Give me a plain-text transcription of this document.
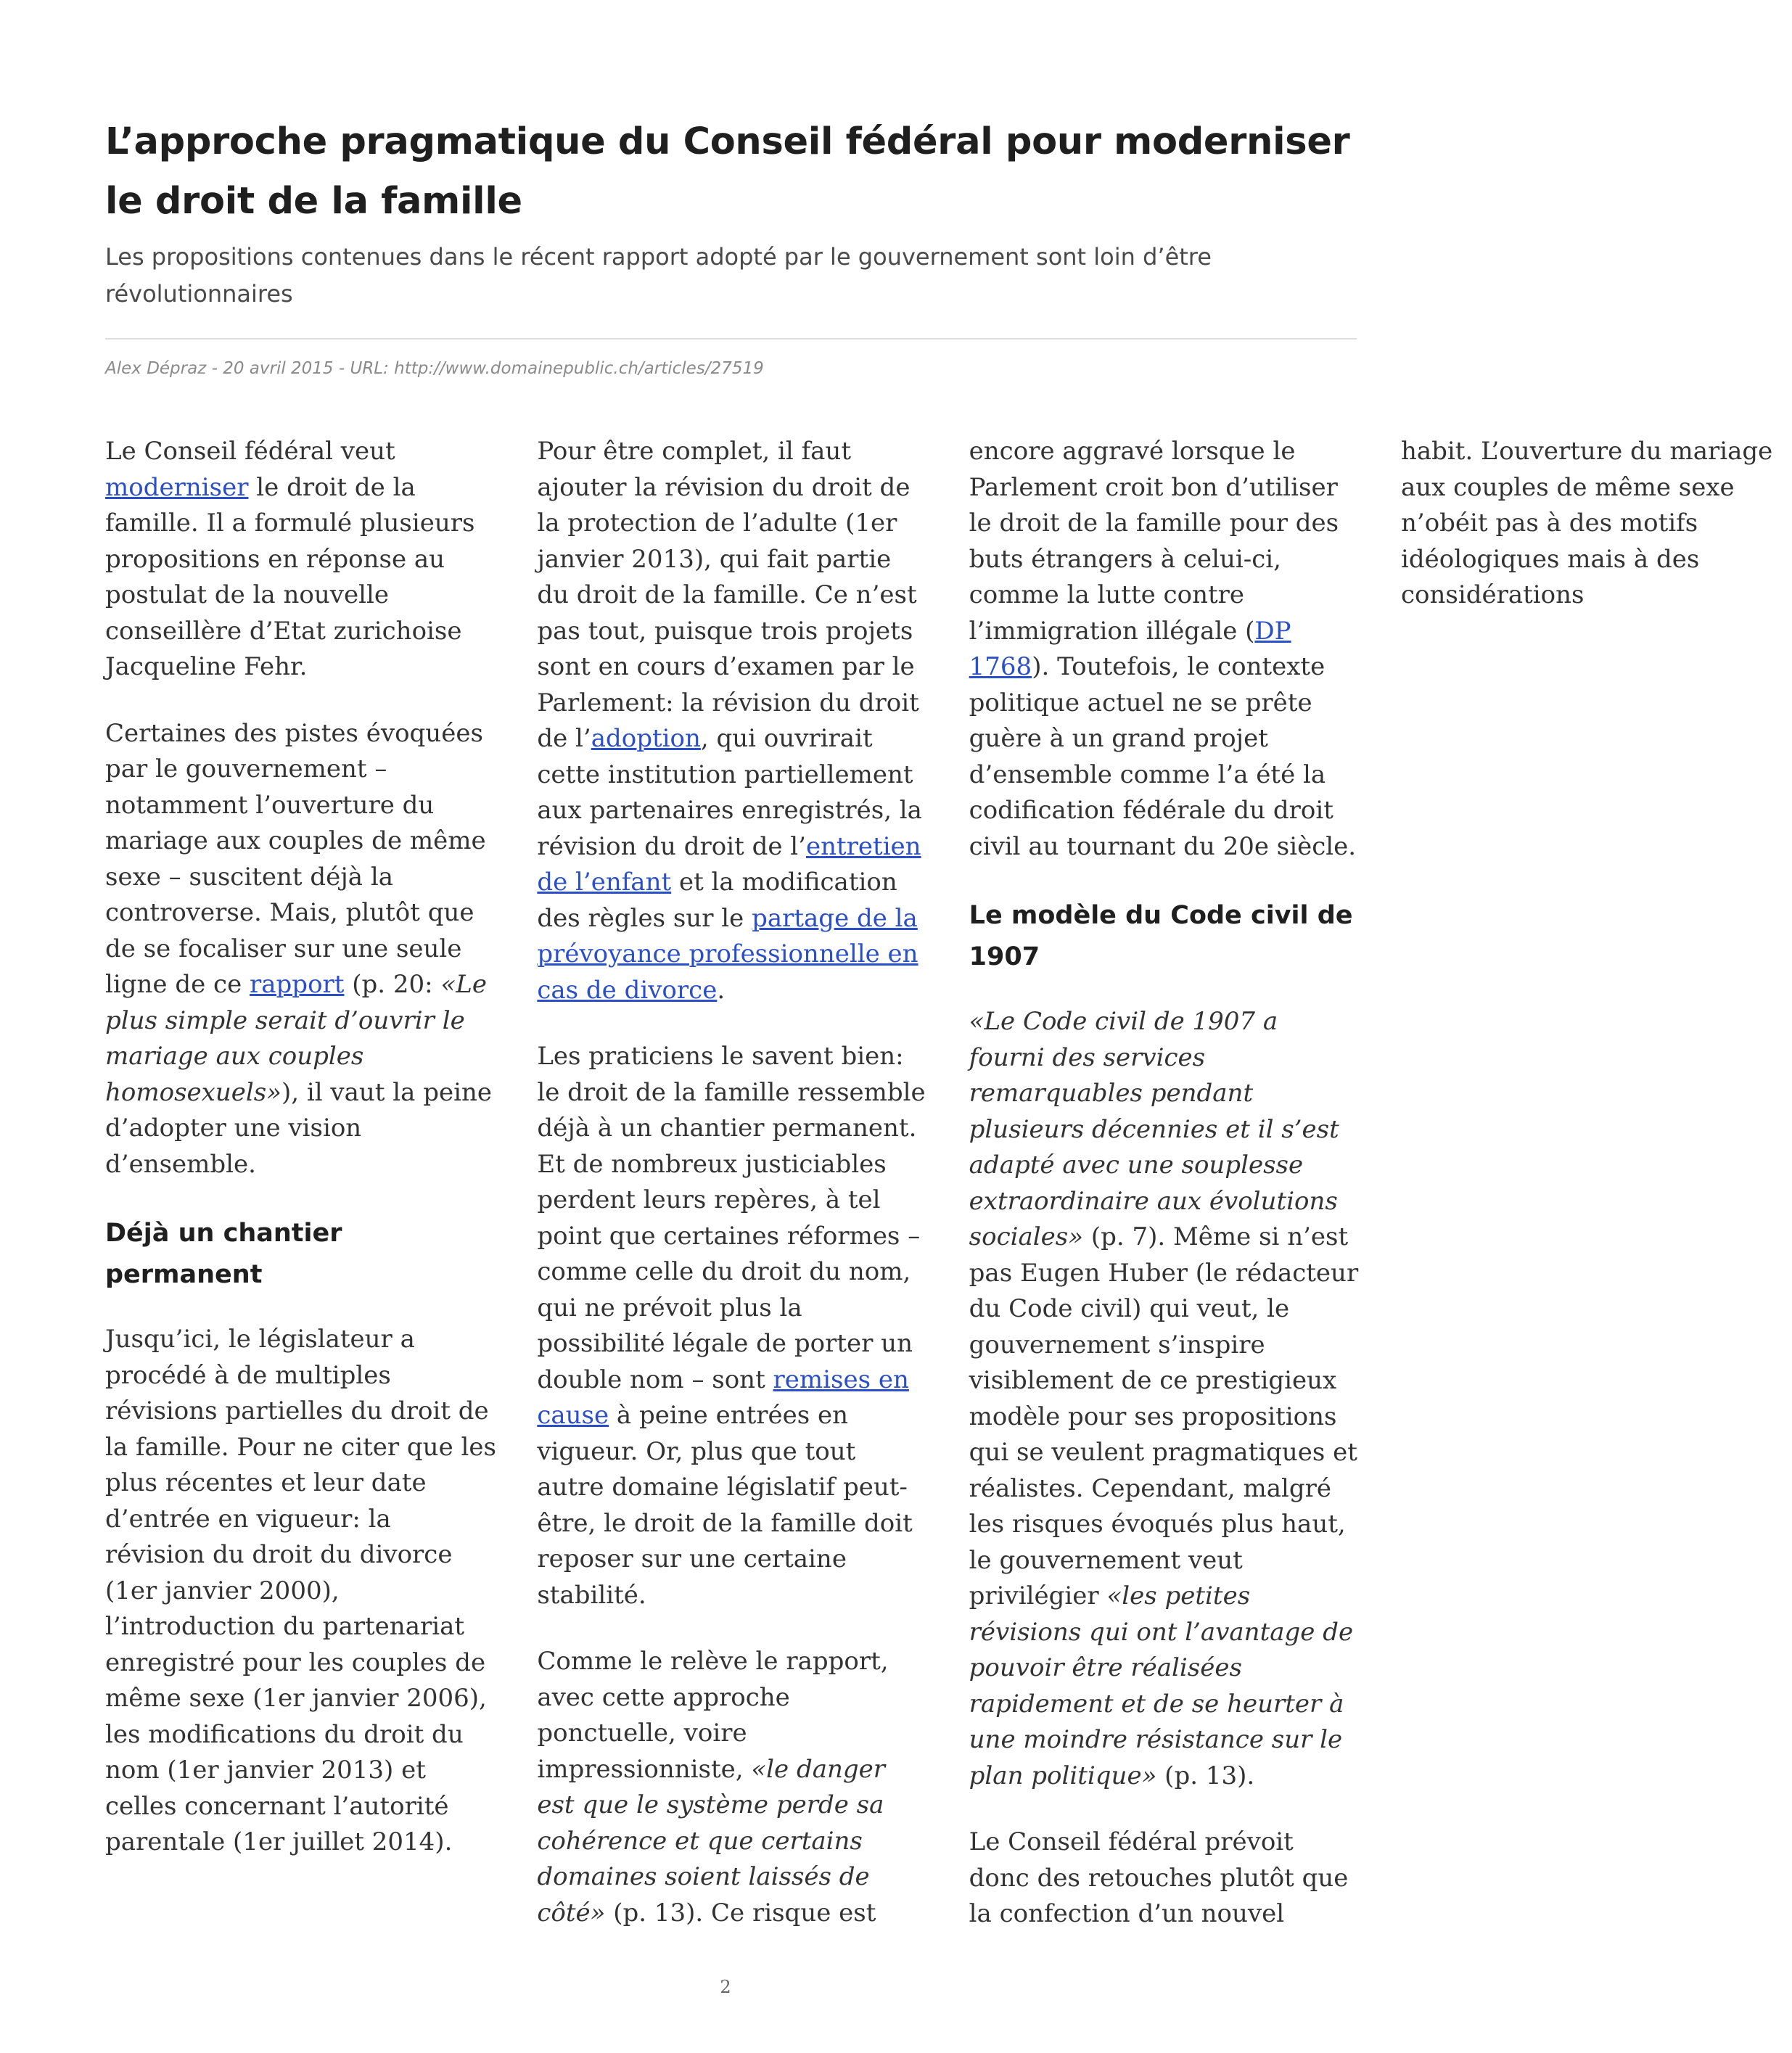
L’approche pragmatique du Conseil fédéral pour moderniser le droit de la famille

Les propositions contenues dans le récent rapport adopté par le gouvernement sont loin d’être révolutionnaires

Alex Dépraz - 20 avril 2015 - URL: http://www.domainepublic.ch/articles/27519

Le Conseil fédéral veut moderniser le droit de la famille. Il a formulé plusieurs propositions en réponse au postulat de la nouvelle conseillère d’Etat zurichoise Jacqueline Fehr.

Certaines des pistes évoquées par le gouvernement – notamment l’ouverture du mariage aux couples de même sexe – suscitent déjà la controverse. Mais, plutôt que de se focaliser sur une seule ligne de ce rapport (p. 20: «Le plus simple serait d’ouvrir le mariage aux couples homosexuels»), il vaut la peine d’adopter une vision d’ensemble.

Déjà un chantier permanent

Jusqu’ici, le législateur a procédé à de multiples révisions partielles du droit de la famille. Pour ne citer que les plus récentes et leur date d’entrée en vigueur: la révision du droit du divorce (1er janvier 2000), l’introduction du partenariat enregistré pour les couples de même sexe (1er janvier 2006), les modifications du droit du nom (1er janvier 2013) et celles concernant l’autorité parentale (1er juillet 2014).

Pour être complet, il faut ajouter la révision du droit de la protection de l’adulte (1er janvier 2013), qui fait partie du droit de la famille. Ce n’est pas tout, puisque trois projets sont en cours d’examen par le Parlement: la révision du droit de l’adoption, qui ouvrirait cette institution partiellement aux partenaires enregistrés, la révision du droit de l’entretien de l’enfant et la modification des règles sur le partage de la prévoyance professionnelle en cas de divorce.

Les praticiens le savent bien: le droit de la famille ressemble déjà à un chantier permanent. Et de nombreux justiciables perdent leurs repères, à tel point que certaines réformes – comme celle du droit du nom, qui ne prévoit plus la possibilité légale de porter un double nom – sont remises en cause à peine entrées en vigueur. Or, plus que tout autre domaine législatif peut-être, le droit de la famille doit reposer sur une certaine stabilité.

Comme le relève le rapport, avec cette approche ponctuelle, voire impressionniste, «le danger est que le système perde sa cohérence et que certains domaines soient laissés de côté» (p. 13). Ce risque est encore aggravé lorsque le Parlement croit bon d’utiliser le droit de la famille pour des buts étrangers à celui-ci, comme la lutte contre l’immigration illégale (DP 1768). Toutefois, le contexte politique actuel ne se prête guère à un grand projet d’ensemble comme l’a été la codification fédérale du droit civil au tournant du 20e siècle.

Le modèle du Code civil de 1907

«Le Code civil de 1907 a fourni des services remarquables pendant plusieurs décennies et il s’est adapté avec une souplesse extraordinaire aux évolutions sociales» (p. 7). Même si n’est pas Eugen Huber (le rédacteur du Code civil) qui veut, le gouvernement s’inspire visiblement de ce prestigieux modèle pour ses propositions qui se veulent pragmatiques et réalistes. Cependant, malgré les risques évoqués plus haut, le gouvernement veut privilégier «les petites révisions qui ont l’avantage de pouvoir être réalisées rapidement et de se heurter à une moindre résistance sur le plan politique» (p. 13).

Le Conseil fédéral prévoit donc des retouches plutôt que la confection d’un nouvel habit. L’ouverture du mariage aux couples de même sexe n’obéit pas à des motifs idéologiques mais à des considérations

2
